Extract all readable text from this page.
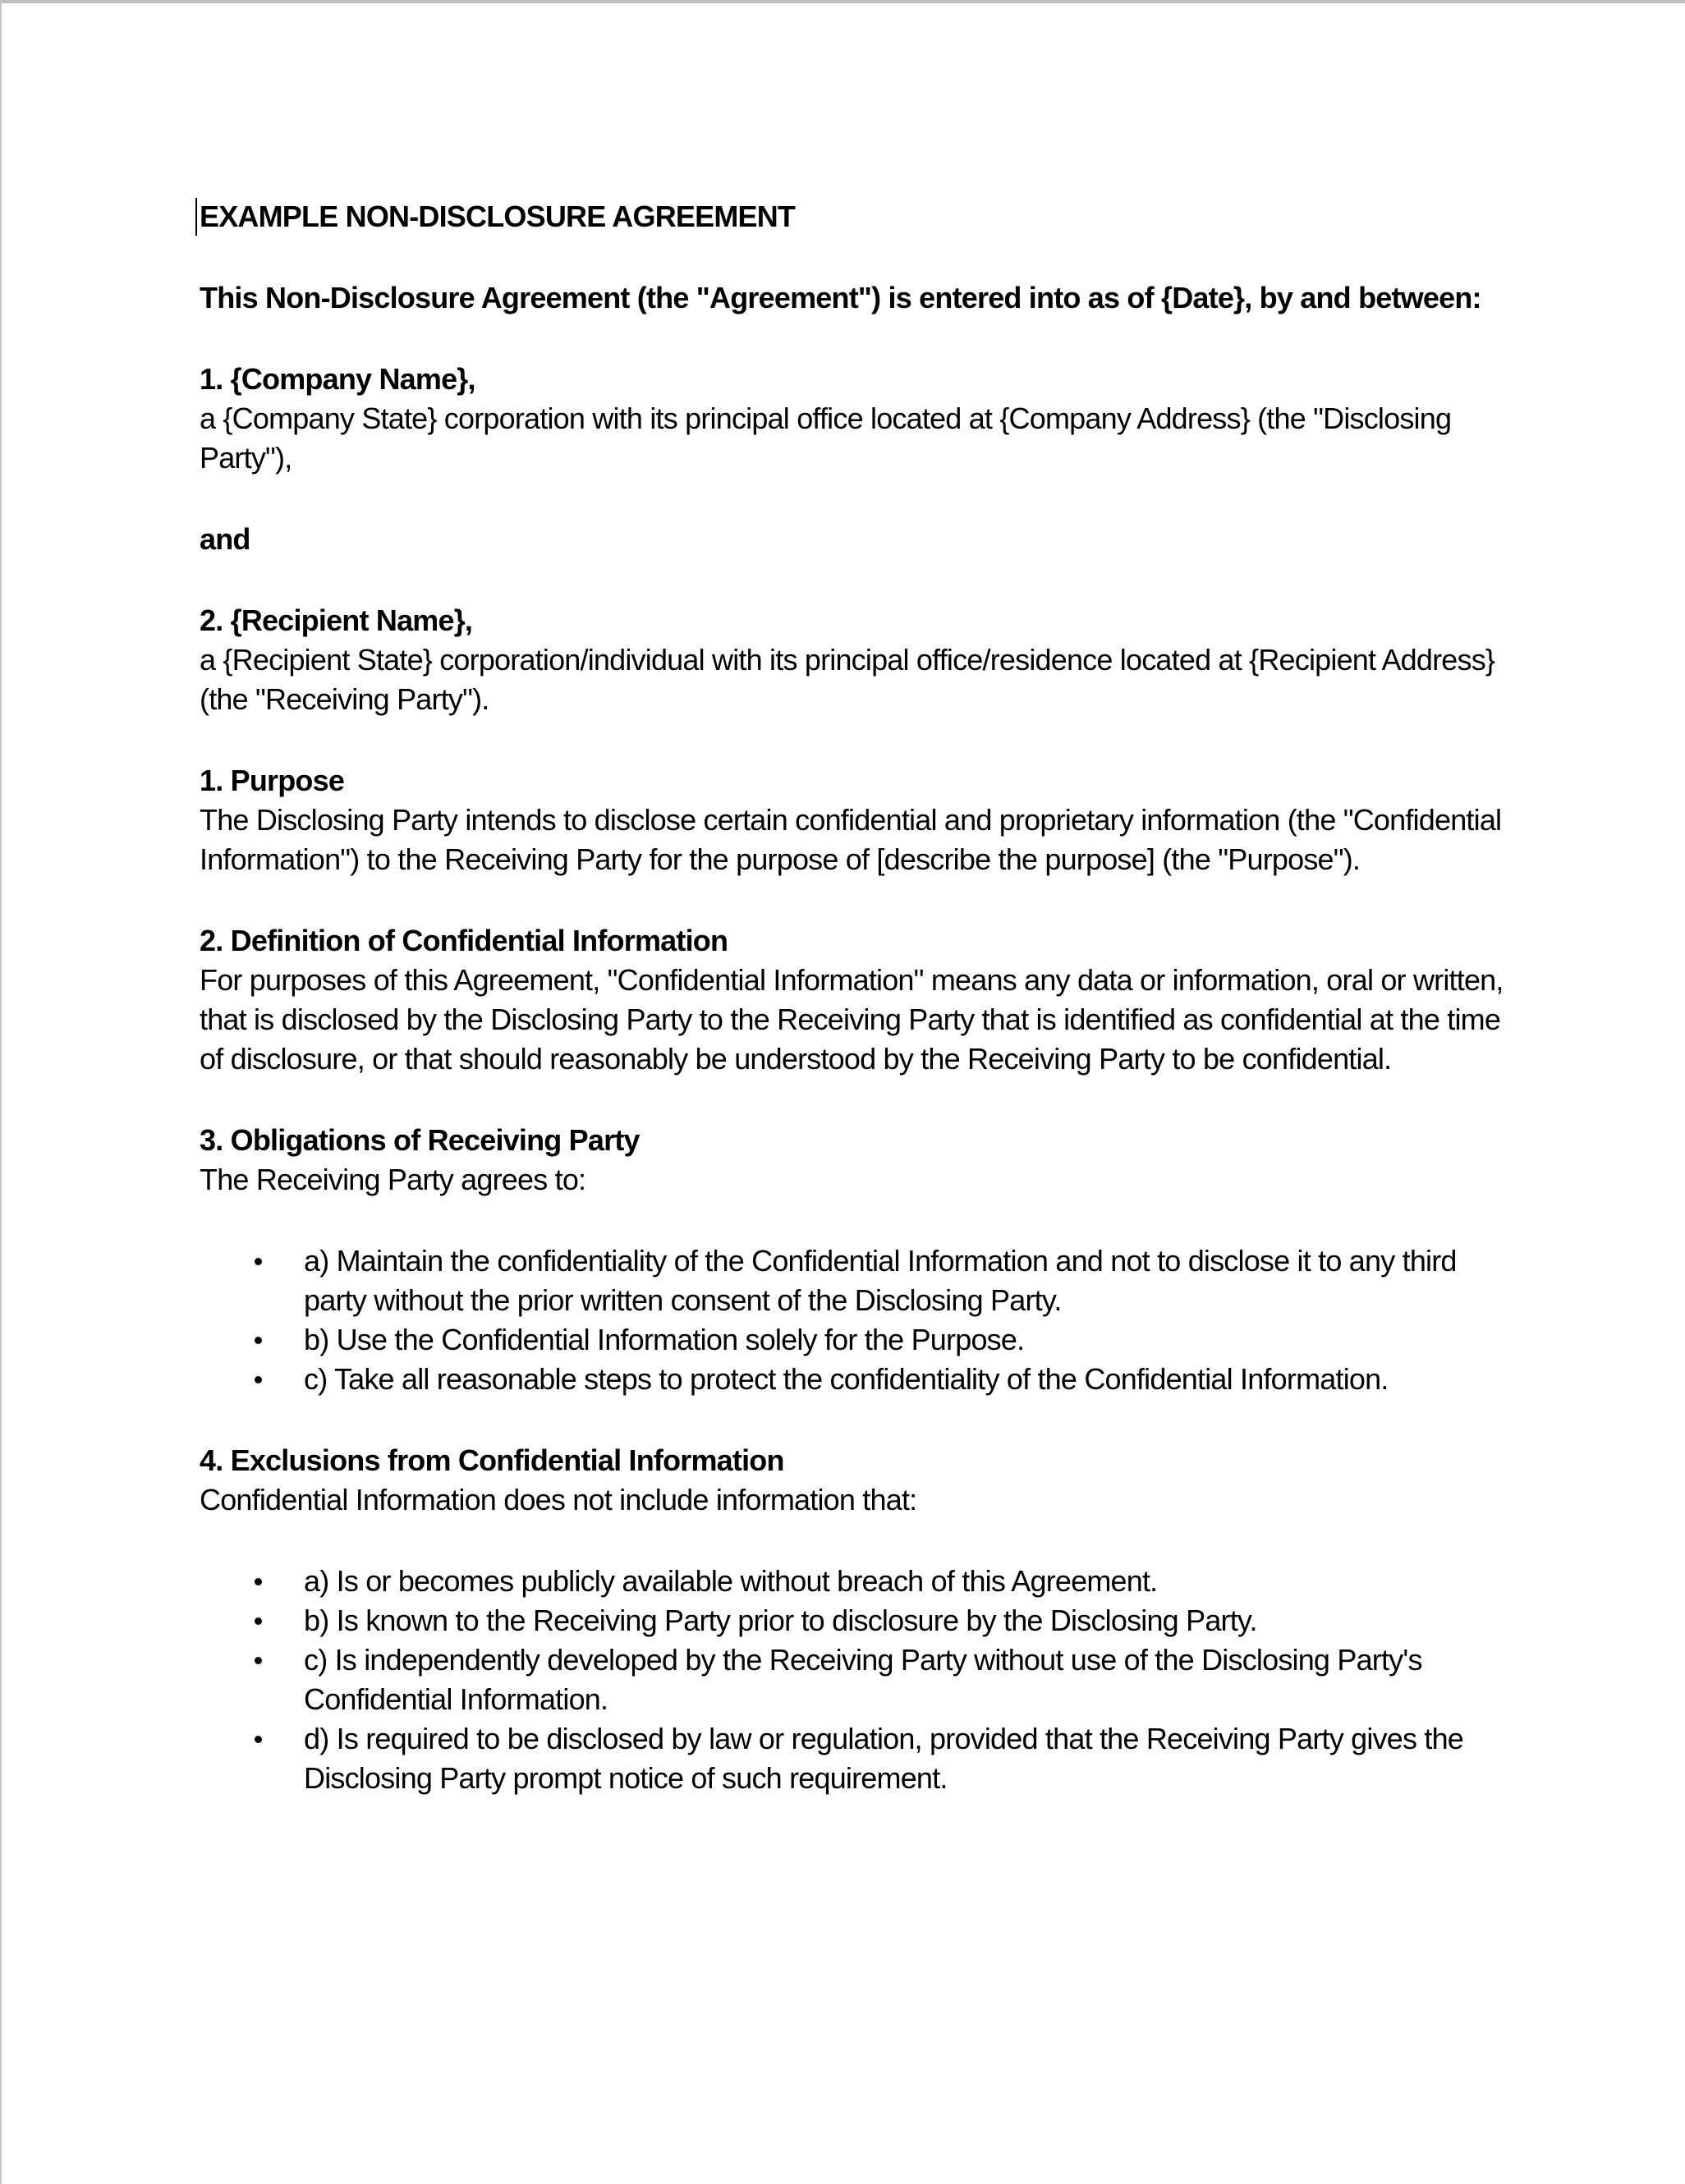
EXAMPLE NON-DISCLOSURE AGREEMENT
This Non-Disclosure Agreement (the "Agreement") is entered into as of {Date}, by and between:
1. {Company Name},
a {Company State} corporation with its principal office located at {Company Address} (the "Disclosing Party"),
and
2. {Recipient Name},
a {Recipient State} corporation/individual with its principal office/residence located at {Recipient Address} (the "Receiving Party").
1. Purpose
The Disclosing Party intends to disclose certain confidential and proprietary information (the "Confidential Information") to the Receiving Party for the purpose of [describe the purpose] (the "Purpose").
2. Definition of Confidential Information
For purposes of this Agreement, "Confidential Information" means any data or information, oral or written, that is disclosed by the Disclosing Party to the Receiving Party that is identified as confidential at the time of disclosure, or that should reasonably be understood by the Receiving Party to be confidential.
3. Obligations of Receiving Party
The Receiving Party agrees to:
a) Maintain the confidentiality of the Confidential Information and not to disclose it to any third party without the prior written consent of the Disclosing Party.
b) Use the Confidential Information solely for the Purpose.
c) Take all reasonable steps to protect the confidentiality of the Confidential Information.
4. Exclusions from Confidential Information
Confidential Information does not include information that:
a) Is or becomes publicly available without breach of this Agreement.
b) Is known to the Receiving Party prior to disclosure by the Disclosing Party.
c) Is independently developed by the Receiving Party without use of the Disclosing Party's Confidential Information.
d) Is required to be disclosed by law or regulation, provided that the Receiving Party gives the Disclosing Party prompt notice of such requirement.
